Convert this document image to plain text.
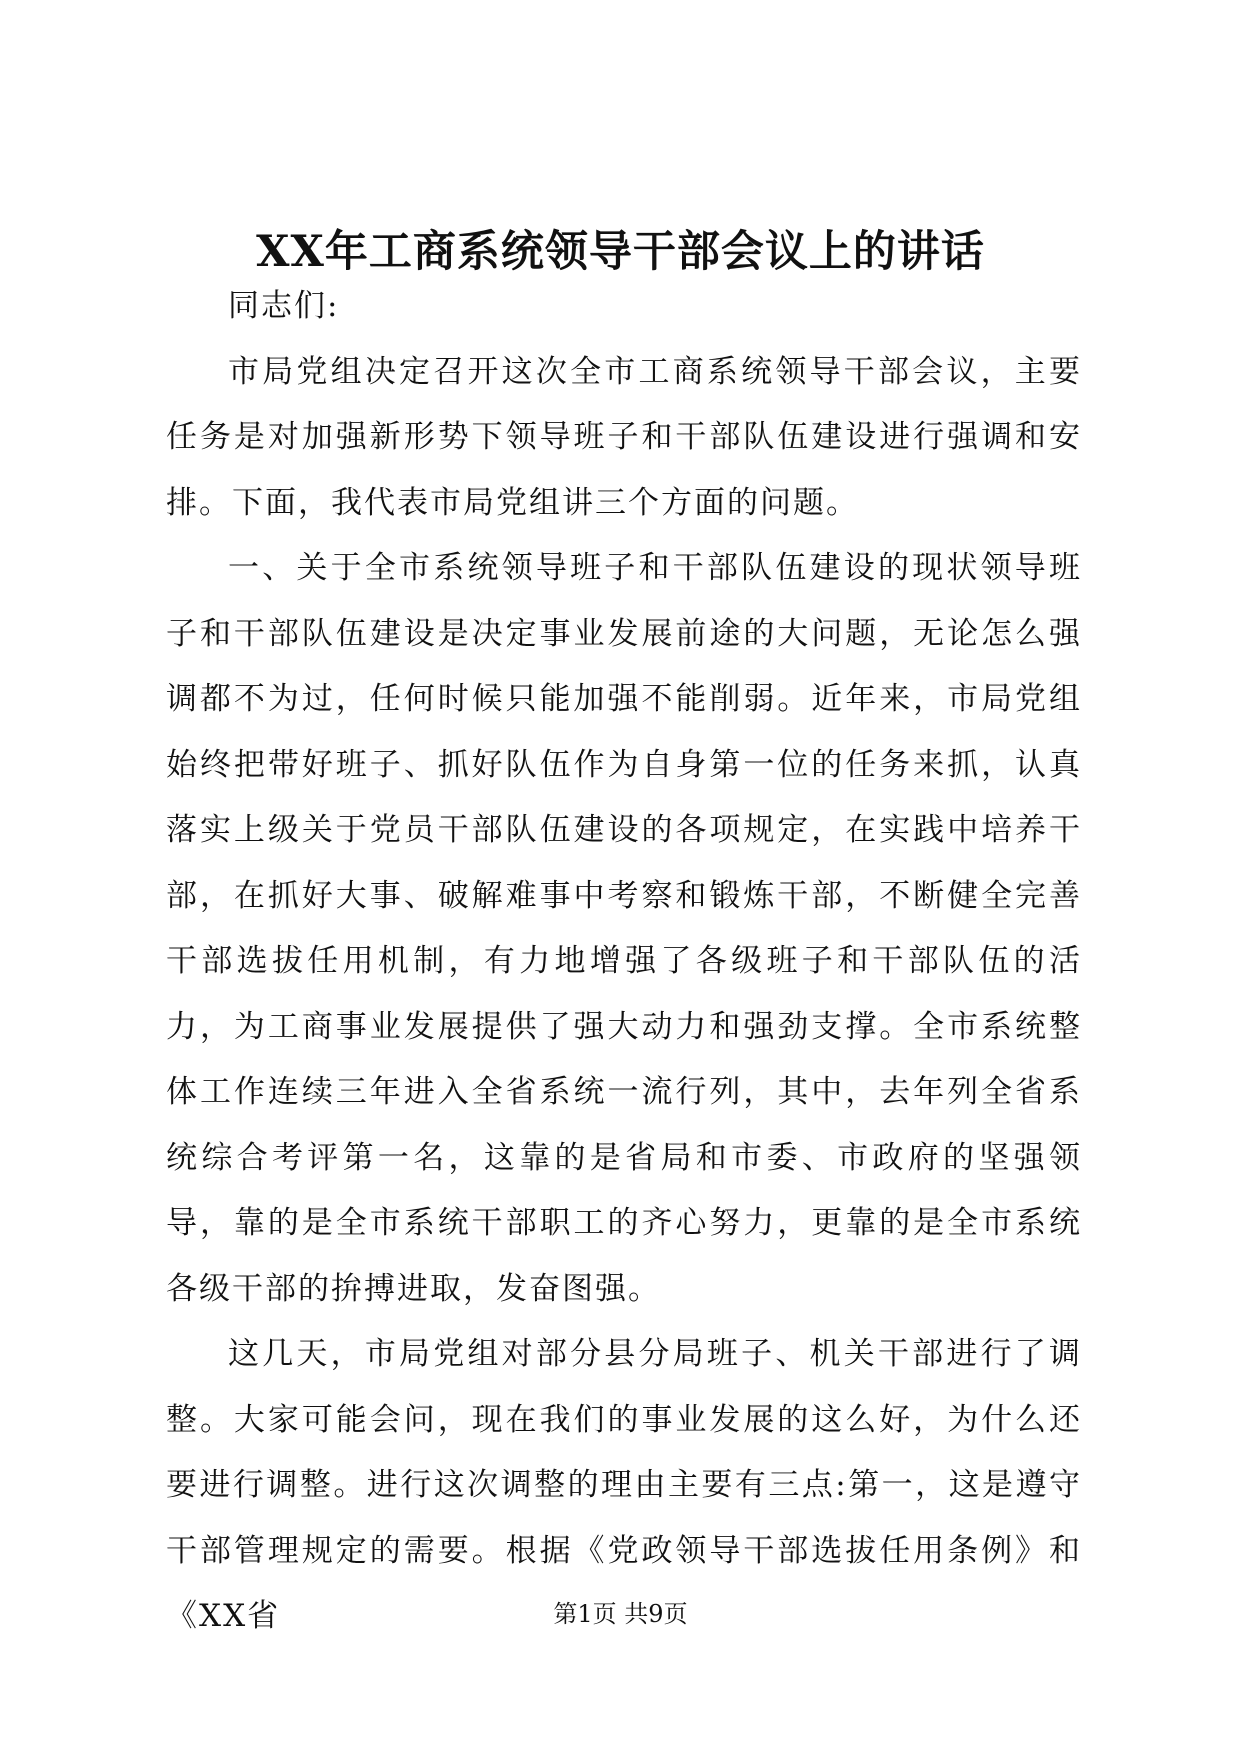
XX年工商系统领导干部会议上的讲话

同志们:

市局党组决定召开这次全市工商系统领导干部会议，主要任务是对加强新形势下领导班子和干部队伍建设进行强调和安排。下面，我代表市局党组讲三个方面的问题。

一、关于全市系统领导班子和干部队伍建设的现状领导班子和干部队伍建设是决定事业发展前途的大问题，无论怎么强调都不为过，任何时候只能加强不能削弱。近年来，市局党组始终把带好班子、抓好队伍作为自身第一位的任务来抓，认真落实上级关于党员干部队伍建设的各项规定，在实践中培养干部，在抓好大事、破解难事中考察和锻炼干部，不断健全完善干部选拔任用机制，有力地增强了各级班子和干部队伍的活力，为工商事业发展提供了强大动力和强劲支撑。全市系统整体工作连续三年进入全省系统一流行列，其中，去年列全省系统综合考评第一名，这靠的是省局和市委、市政府的坚强领导，靠的是全市系统干部职工的齐心努力，更靠的是全市系统各级干部的拚搏进取，发奋图强。

这几天，市局党组对部分县分局班子、机关干部进行了调整。大家可能会问，现在我们的事业发展的这么好，为什么还要进行调整。进行这次调整的理由主要有三点:第一，这是遵守干部管理规定的需要。根据《党政领导干部选拔任用条例》和《XX省	第1页 共9页
